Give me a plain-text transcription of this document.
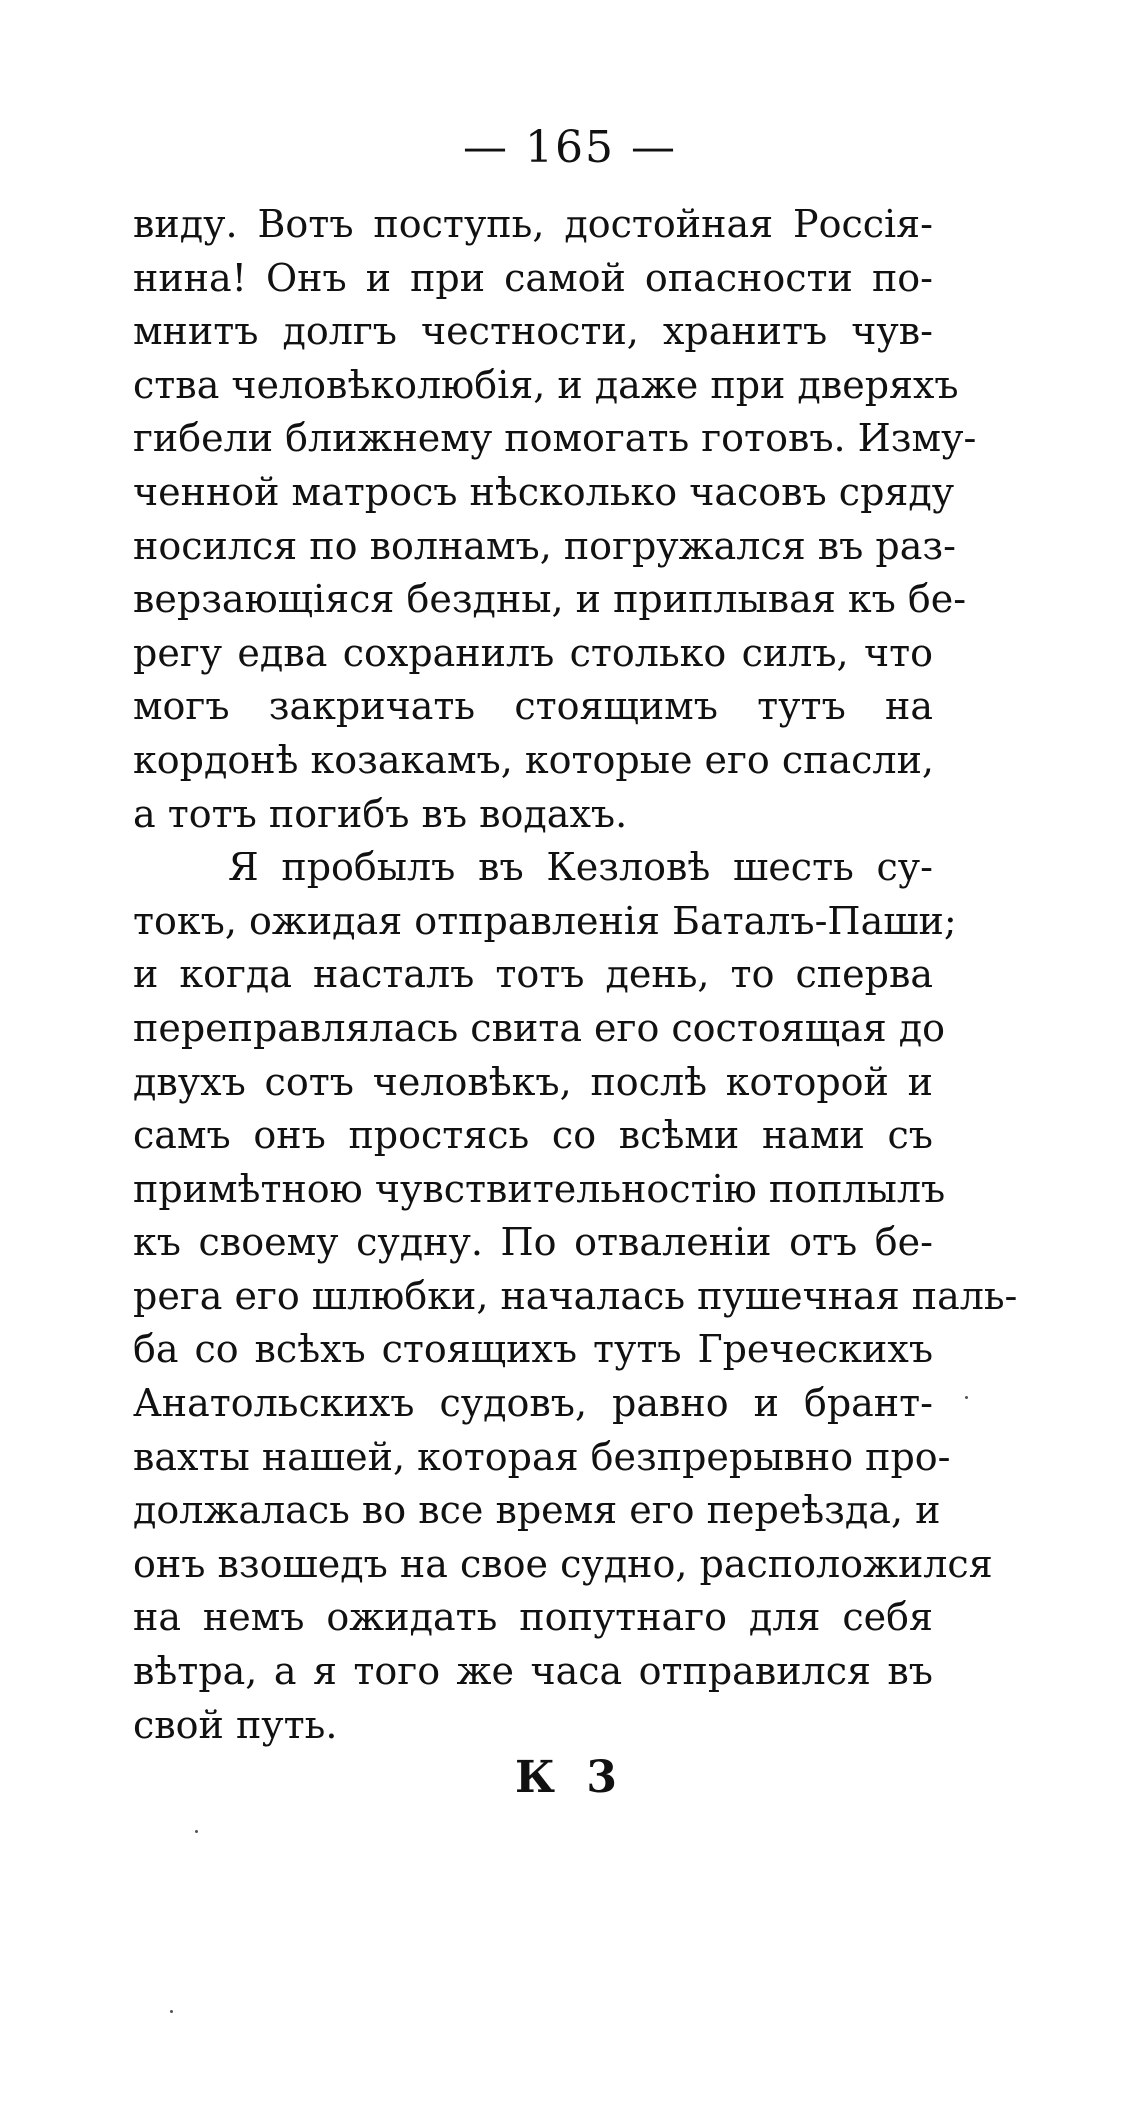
— 165 —
виду. Вотъ поступь, достойная Россія-
нина! Онъ и при самой опасности по-
мнитъ долгъ честности, хранитъ чув-
ства человѣколюбія, и даже при дверяхъ
гибели ближнему помогать готовъ. Изму-
ченной матросъ нѣсколько часовъ сряду
носился по волнамъ, погружался въ раз-
верзающіяся бездны, и приплывая къ бе-
регу едва сохранилъ столько силъ, что
могъ закричать стоящимъ тутъ на
кордонѣ козакамъ, которые его спасли,
а тотъ погибъ въ водахъ.
Я пробылъ въ Кезловѣ шесть су-
токъ, ожидая отправленія Баталъ-Паши;
и когда насталъ тотъ день, то сперва
переправлялась свита его состоящая до
двухъ сотъ человѣкъ, послѣ которой и
самъ онъ простясь со всѣми нами съ
примѣтною чувствительностію поплылъ
къ своему судну. По отваленіи отъ бе-
рега его шлюбки, началась пушечная паль-
ба со всѣхъ стоящихъ тутъ Греческихъ
Анатольскихъ судовъ, равно и брант-
вахты нашей, которая безпрерывно про-
должалась во все время его переѣзда, и
онъ взошедъ на свое судно, расположился
на немъ ожидать попутнаго для себя
вѣтра, а я того же часа отправился въ
свой путь.
К 3
